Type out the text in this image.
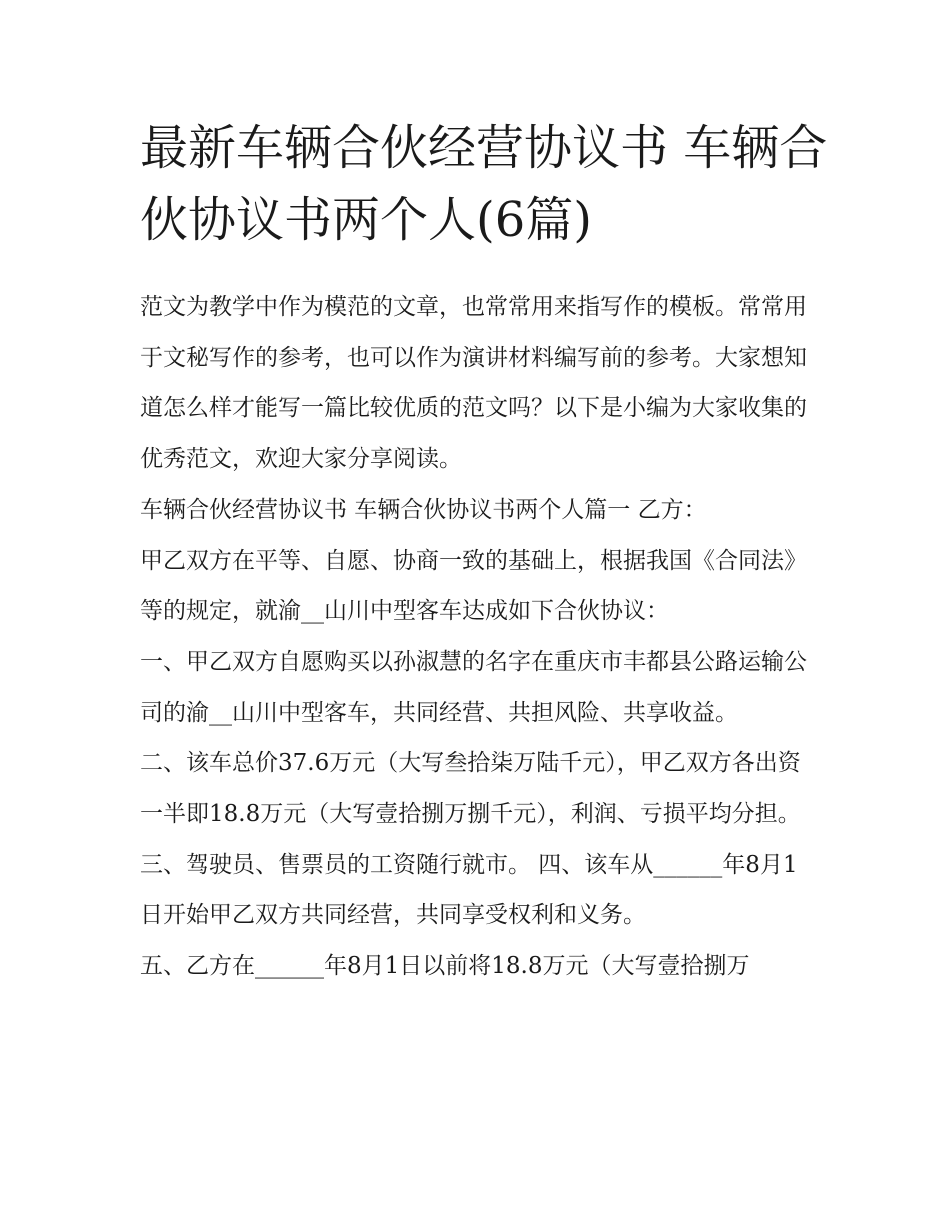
最新车辆合伙经营协议书 车辆合伙协议书两个人(6篇)

范文为教学中作为模范的文章，也常常用来指写作的模板。常常用于文秘写作的参考，也可以作为演讲材料编写前的参考。大家想知道怎么样才能写一篇比较优质的范文吗？以下是小编为大家收集的优秀范文，欢迎大家分享阅读。

车辆合伙经营协议书 车辆合伙协议书两个人篇一 乙方：

甲乙双方在平等、自愿、协商一致的基础上，根据我国《合同法》等的规定，就渝__山川中型客车达成如下合伙协议：

一、甲乙双方自愿购买以孙淑慧的名字在重庆市丰都县公路运输公司的渝__山川中型客车，共同经营、共担风险、共享收益。

二、该车总价37.6万元（大写叁拾柒万陆千元），甲乙双方各出资一半即18.8万元（大写壹拾捌万捌千元），利润、亏损平均分担。

三、驾驶员、售票员的工资随行就市。 四、该车从______年8月1日开始甲乙双方共同经营，共同享受权利和义务。

五、乙方在______年8月1日以前将18.8万元（大写壹拾捌万
